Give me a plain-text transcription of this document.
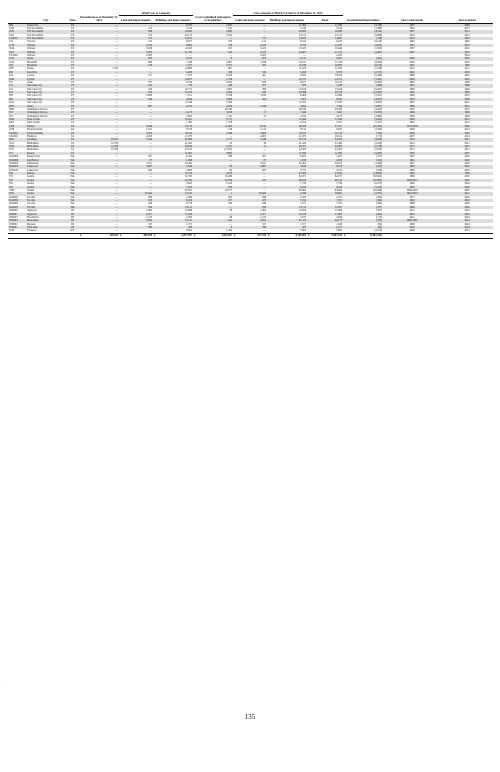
				Initial Cost to Company			Gross Amount at Which Carried As of December 31, 2024					
	City	State	Encumbrances at December 31, 2024	Land and improvements¹	Buildings and improvements¹	Costs Capitalized Subsequent to Acquisition¹	Land and improvements	Buildings and improvements	Total²	Accumulated Depreciation³	Year Constructed⁴	Year Acquired
599	Texas City	TX	—	—	9,337	2,067	—	11,384	11,384	(5,726)	2007	2006
2550	The Woodlands	TX	—	113	5,143	(113)	—	5,143	5,143	(1,395)	1984	2013
2551	The Woodlands	TX	—	298	16,282	(298)	—	16,282	16,282	(4,542)	1997	2013
2552	The Woodlands	TX	—	374	23,125	(374)	—	23,125	23,125	(5,888)	2004	2013
CS0030	The Woodlands	TX	—	715	13,972	—	715	13,972	14,687	(728)	2001	2020
132	Victoria	TX	—	125	8,977	335	125	9,312	9,437	(6,120)	1994	1992
2139	Webster	TX	—	2,220	9,602	148	2,220	9,750	11,970	(4,223)	1991	2013
5024	Webster	TX	—	3,196	12,913	325	3,222	13,220	16,442	(1,593)	2007	2022
5025	Webster	TX	—	3,204	21,782	165	3,223	23,907	27,132	(2,487)	2007	2022
TX3248	Webster	TX	—	2,265	—	—	2,265	—	2,265	—	—	2024
2215	Wylie	TX	—	874	4,123	8	874	4,131	5,005	(421)	2009	2007
1192	Bountiful	UT	—	999	7,426	2,807	1,039	10,211	11,232	(6,200)	2005	2019
169	Bountiful	UT	—	276	5,237	5,377	359	10,239	10,800	(6,014)	1991	1990
2807	Draper	UT	1,700	—	10,800	667	—	11,679	11,679	(2,536)	2010	2012
469	Kaysville	UT	—	—	4,493	390	530	5,043	5,573	(2,575)	2001	2003
424	Layton	UT	—	371	7,073	2,918	401	9,953	10,354	(5,296)	1988	2001
2042	Layton	UT	—	—	10,975	1,746	—	12,721	12,721	(5,361)	2009	2010
357	Orem	UT	—	337	8,744	4,642	506	9,617	10,123	(6,990)	1985	1999
151	Salt Lake City	UT	—	190	779	249	372	876	1,248	(496)	1991	1998
152	Salt Lake City	UT	—	220	10,772	4,967	309	15,618	15,919	(9,481)	1999	1999
153	Salt Lake City	UT	—	180	14,792	5,604	180	20,396	20,576	(12,263)	1981	1990
385	Salt Lake City	UT	—	5,000	7,161	2,338	5,039	9,460	12,499	(5,591)	1999	2001
390	Salt Lake City	UT	—	509	4,044	3,828	509	7,872	8,381	(4,653)	1978	2000
2041	Salt Lake City	UT	—	—	12,326	1,009	—	13,335	13,335	(3,933)	2007	2012
2853	Sandy	UT	—	867	3,513	2,926	1,236	5,944	7,300	(3,007)	1989	2012
2864	Washington Terrace	UT	—	—	—	28,343	—	28,343	28,343	(4,184)	2020	2019
353	Washington Terrace	UT	—	—	4,173	3,058	17	7,444	7,461	(5,053)	1994	1999
352	Washington Terrace	UT	—	—	2,692	1,541	15	4,258	4,273	(2,882)	1989	1999
2854	West Jordan	UT	—	—	12,021	(177)	—	11,844	11,844	(3,282)	2000	2012
2855	West Jordan	UT	—	—	1,383	1,378	—	2,761	2,761	(1,477)	1982	2012
1208	Fairfax	VA	—	8,396	16,710	11,995	8,742	28,359	37,101	(16,253)	1974/2018	2006
2238	Fredericksburg	VA	—	1,101	8,570	158	1,113	8,714	9,827	(2,334)	2008	2013
VA0002	Fredericksburg	VA	—	3,474	16,192	2,448	3,683	18,431	22,114	(790)	2000	2024
VA0002	Hampton	VA	—	4,003	11,970	—	4,003	11,970	16,041	(713)	2007	2024
3001	Leesburg	VA	18,351	3,349	24,099	5,717	3,349	29,776	33,325	(5,658)	2010	2021
3011	Midlothian	VA	12,730	—	21,442	22	39	21,445	21,484	(2,200)	2012	2021
3010	Midlothian	VA	12,458	—	20,619	(147)	12	20,451	20,463	(2,138)	2013	2021
3017	Midlothian	VA	13,538	—	23,531	(1,031)	—	22,500	22,500	(2,253)	2014	2021
572	Reston	VA	—	—	11,902	(060)	—	11,842	11,842	(5,902)	2000	2001
WA0000	Federal Way	WA	—	397	6,352	368	397	6,870	7,267	(357)	1987	2020
WA0006	Gig Harbor	WA	—	87	1,836	—	87	1,836	2,923	(104)	1991	2020
WA0005	Kennewick	WA	—	3,611	25,462	—	3,611	25,462	29,073	(1,490)	2007	2020
WA0003	Lakewood	WA	—	3,967	5,540	23	3,967	5,630	9,379	(305)	1989	2020
WA0010	Lakewood	WA	—	400	3,665	90	400	3,755	4,155	(206)	1989	2020
440	Renton	WA	—	—	18,724	4,670	—	23,394	23,394	(14,684)	1993	1999
781	Seattle	WA	—	—	52,703	30,268	—	82,971	82,971	(38,822)	1986	2002
782	Seattle	WA	—	—	24,382	22,359	125	46,616	46,741	(30,963)	1999/2012	2002
783	Seattle	WA	—	—	3,625	2,104	—	7,729	7,789	(6,253)	1999	2004
785	Seattle	WA	—	—	7,293	933	—	8,226	8,226	(5,223)	1992	2000
1385	Seattle	WA	—	—	45,827	18,577	—	63,664	63,604	(29,096)	1986/2019	2007
3022	Seattle	WA	—	35,624	14,741	1	35,624	4,339	39,861	(2,781)	1961/2013	2021
WA0001	Tacoma	WA	—	289	1,969	263	289	2,283	2,572	(204)	1977	2020
WA0004	Tacoma	WA	—	479	6,919	237	479	7,192	7,671	(362)	1991	2020
WA0005	Tacoma	WA	—	440	6,778	329	440	7,107	7,547	(393)	1989	2020
WA0007	Tacoma	WA	—	184	13,111	—	184	13,111	15,297	(787)	1986	2020
WI0006	Appleton	WI	—	1,892	13,898	38	1,892	13,976	15,908	(587)	2015	2024
WI0007	Appleton	WI	—	2,477	15,108	—	2,477	15,108	17,665	(602)	2005	2024
WI0003	Brookfield	WI	—	1,103	3,293	48	1,103	3,437	4,630	(155)	2012	2024
WI0004	Milwaukee	WI	—	3,052	21,111	612	3,052	21,723	24,775	(781)	1996/2003	2024
WI0002	Mequon	WI	—	347	1,571	—	347	1,571	1,918	(90)	2000	2024
WI0001	West Allis	WI	—	598	288	9	598	297	1,377	(63)	2002	2024
2034	Evanston	WY	—	—	4,601	1,204	—	5,805	5,805	(2,212)	2008	2012

			$ 338,503	$ 864,870	$ 6,877,097	$ 1,625,467	$ 877,109	$ 8,190,005	$ 9,067,196	$ (2,081,242)		
·
135
